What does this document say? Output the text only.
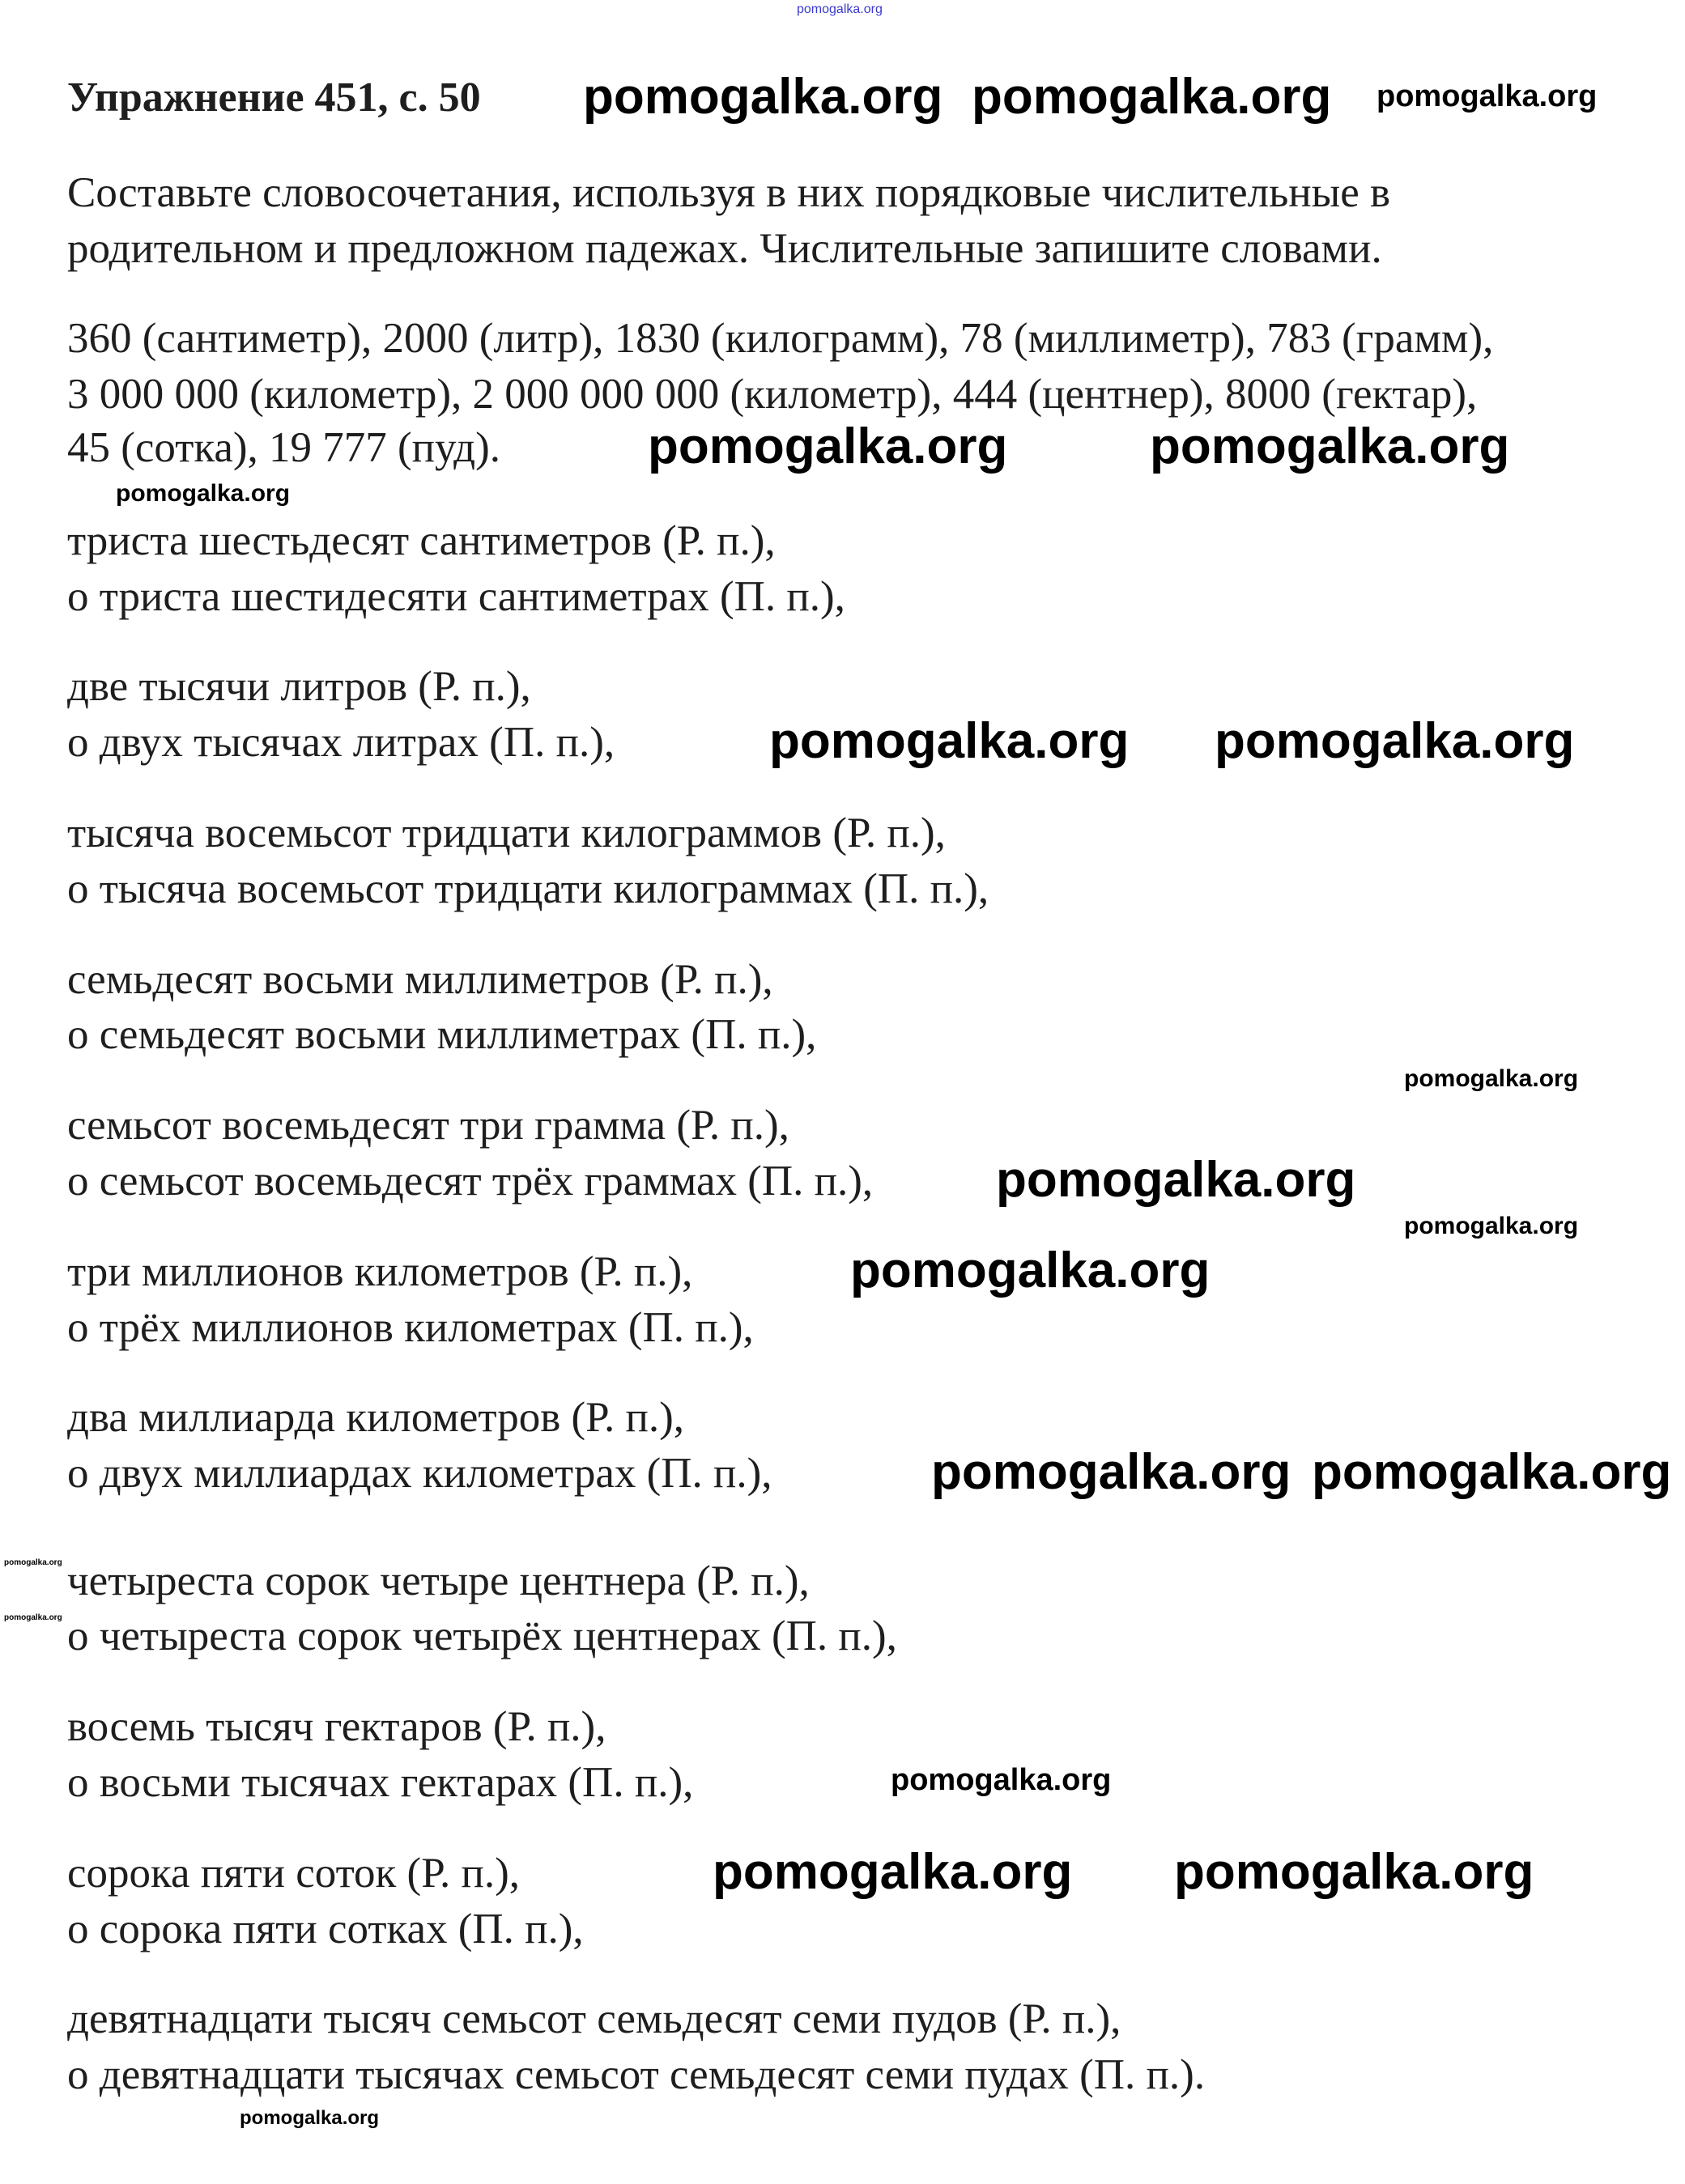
pomogalka.org
Упражнение 451, с. 50
Составьте словосочетания, используя в них порядковые числительные в
родительном и предложном падежах. Числительные запишите словами.
360 (сантиметр), 2000 (литр), 1830 (килограмм), 78 (миллиметр), 783 (грамм),
3 000 000 (километр), 2 000 000 000 (километр), 444 (центнер), 8000 (гектар),
45 (сотка), 19 777 (пуд).
триста шестьдесят сантиметров (Р. п.),
о триста шестидесяти сантиметрах (П. п.),
две тысячи литров (Р. п.),
о двух тысячах литрах (П. п.),
тысяча восемьсот тридцати килограммов (Р. п.),
о тысяча восемьсот тридцати килограммах (П. п.),
семьдесят восьми миллиметров (Р. п.),
о семьдесят восьми миллиметрах (П. п.),
семьсот восемьдесят три грамма (Р. п.),
о семьсот восемьдесят трёх граммах (П. п.),
три миллионов километров (Р. п.),
о трёх миллионов километрах (П. п.),
два миллиарда километров (Р. п.),
о двух миллиардах километрах (П. п.),
четыреста сорок четыре центнера (Р. п.),
о четыреста сорок четырёх центнерах (П. п.),
восемь тысяч гектаров (Р. п.),
о восьми тысячах гектарах (П. п.),
сорока пяти соток (Р. п.),
о сорока пяти сотках (П. п.),
девятнадцати тысяч семьсот семьдесят семи пудов (Р. п.),
о девятнадцати тысячах семьсот семьдесят семи пудах (П. п.).
pomogalka.org pomogalka.org pomogalka.org
pomogalka.org
pomogalka.org	pomogalka.org
pomogalka.org pomogalka.org
pomogalka.org
pomogalka.org
pomogalka.org
pomogalka.org
pomogalka.org pomogalka.org
pomogalka.org
pomogalka.org
pomogalka.org
pomogalka.org pomogalka.org
pomogalka.org
